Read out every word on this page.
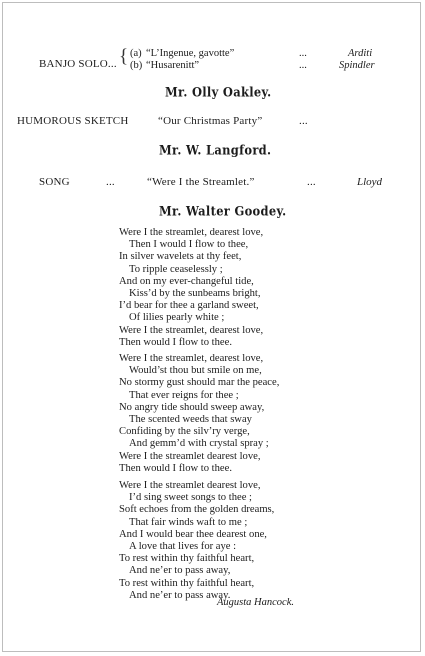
BANJO SOLO... { (a) “L’Ingenue, gavotte”	...	Arditi
(b) “Husarenitt”	...	Spindler
Mr. Olly Oakley.
HUMOROUS SKETCH	“Our Christmas Party”	...
Mr. W. Langford.
SONG	...	“Were I the Streamlet.”	...	Lloyd
Mr. Walter Goodey.
Were I the streamlet, dearest love,
Then I would I flow to thee,
In silver wavelets at thy feet,
To ripple ceaselessly ;
And on my ever-changeful tide,
Kiss’d by the sunbeams bright,
I’d bear for thee a garland sweet,
Of lilies pearly white ;
Were I the streamlet, dearest love,
Then would I flow to thee.
Were I the streamlet, dearest love,
Would’st thou but smile on me,
No stormy gust should mar the peace,
That ever reigns for thee ;
No angry tide should sweep away,
The scented weeds that sway
Confiding by the silv’ry verge,
And gemm’d with crystal spray ;
Were I the streamlet dearest love,
Then would I flow to thee.
Were I the streamlet dearest love,
I’d sing sweet songs to thee ;
Soft echoes from the golden dreams,
That fair winds waft to me ;
And I would bear thee dearest one,
A love that lives for aye :
To rest within thy faithful heart,
And ne’er to pass away,
To rest within thy faithful heart,
And ne’er to pass away.
Augusta Hancock.
